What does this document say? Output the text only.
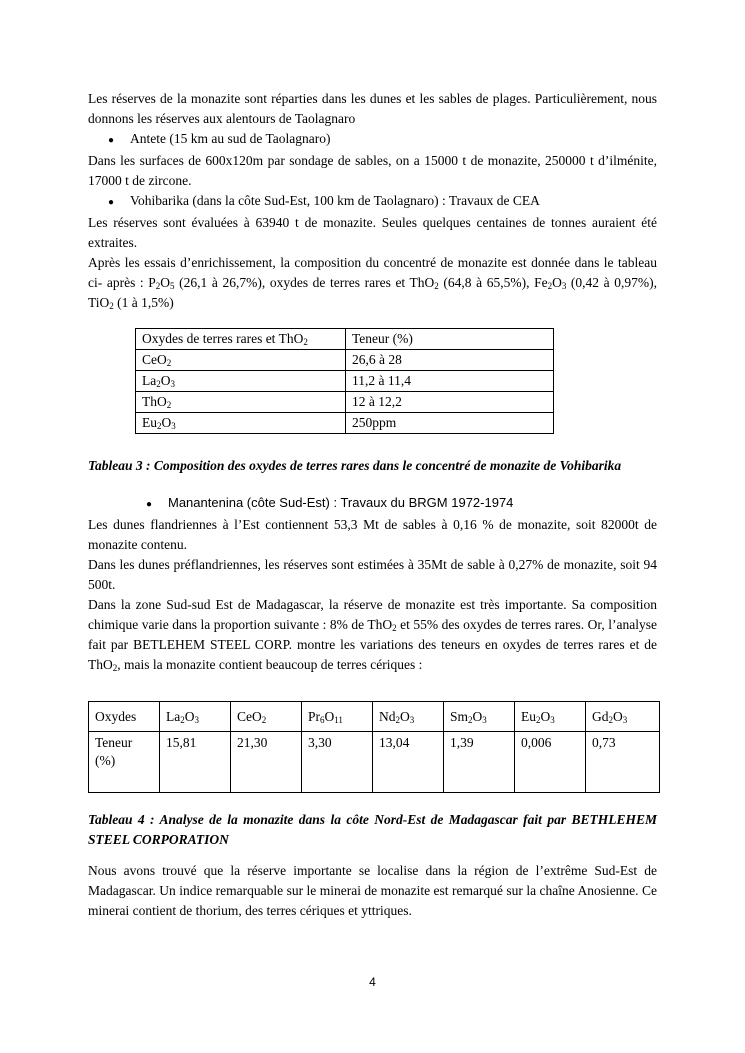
Les réserves de la monazite sont réparties dans les dunes et les sables de plages. Particulièrement, nous donnons les réserves aux alentours de Taolagnaro

●	Antete (15 km au sud de Taolagnaro)

Dans les surfaces de 600x120m par sondage de sables, on a 15000 t de monazite, 250000 t d’ilménite, 17000 t de zircone.

●	Vohibarika (dans la côte Sud-Est, 100 km de Taolagnaro) : Travaux de CEA

Les réserves sont évaluées à 63940 t de monazite. Seules quelques centaines de tonnes auraient été extraites.

Après les essais d’enrichissement, la composition du concentré de monazite est donnée dans le tableau ci- après : $P_2O_5$ (26,1 à 26,7%), oxydes de terres rares et ThO$_2$ (64,8 à 65,5%), $Fe_2O_3$ (0,42 à 0,97%), TiO$_2$ (1 à 1,5%)

Oxydes de terres rares et ThO$_2$	Teneur (%)
CeO$_2$	26,6 à 28
$La_2O_3$	11,2 à 11,4
ThO$_2$	12 à 12,2
$Eu_2O_3$	250ppm
Tableau 3 : Composition des oxydes de terres rares dans le concentré de monazite de Vohibarika
●	Manantenina (côte Sud-Est) : Travaux du BRGM 1972-1974

Les dunes flandriennes à l’Est contiennent 53,3 Mt de sables à 0,16 % de monazite, soit 82000t de monazite contenu.

Dans les dunes préflandriennes, les réserves sont estimées à 35Mt de sable à 0,27% de monazite, soit 94 500t.

Dans la zone Sud-sud Est de Madagascar, la réserve de monazite est très importante. Sa composition chimique varie dans la proportion suivante : 8% de ThO$_2$ et 55% des oxydes de terres rares. Or, l’analyse fait par BETLEHEM STEEL CORP. montre les variations des teneurs en oxydes de terres rares et de ThO$_2$, mais la monazite contient beaucoup de terres cériques :

Oxydes	$La_2O_3$	CeO$_2$	$Pr_6O_{11}$	$Nd_2O_3$	$Sm_2O_3$	$Eu_2O_3$	$Gd_2O_3$
Teneur (%)	15,81	21,30	3,30	13,04	1,39	0,006	0,73
Tableau 4 : Analyse de la monazite dans la côte Nord-Est de Madagascar fait par BETHLEHEM STEEL CORPORATION
Nous avons trouvé que la réserve importante se localise dans la région de l’extrême Sud-Est de Madagascar. Un indice remarquable sur le minerai de monazite est remarqué sur la chaîne Anosienne. Ce minerai contient de thorium, des terres cériques et yttriques.
4
